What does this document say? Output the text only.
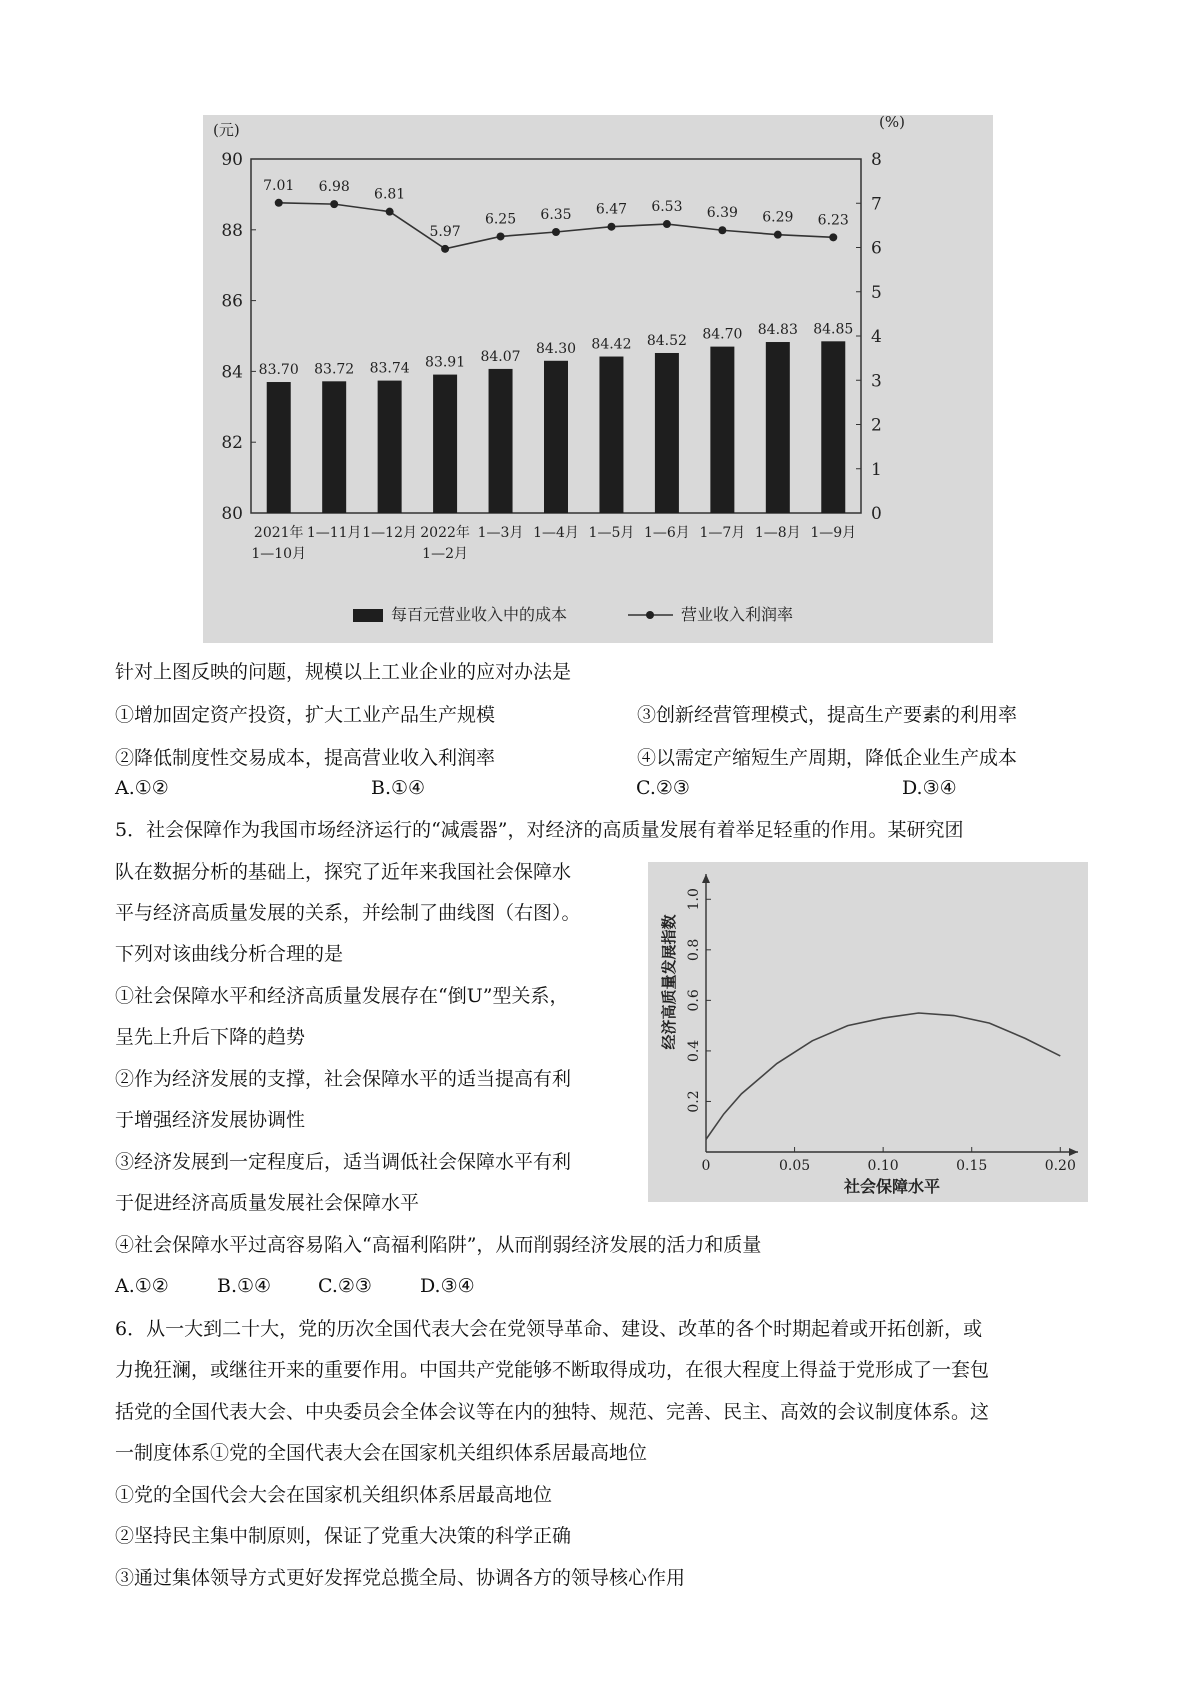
(元)	(%)
90
88
86
84
82
80
8
7
6
5
4
3
2
1
0
83.70 83.72 83.74 83.91 84.07
84.30 84.42 84.52 84.70 84.83 84.85
7.01 6.98 6.81
5.97
6.25 6.35 6.47 6.53 6.39 6.29 6.23
2021年
1—10月
1—11月 1—12月 2022年
1—2月
1—3月 1—4月 1—5月 1—6月 1—7月 1—8月 1—9月
每百元营业收入中的成本	营业收入利润率
0	0.05	0.10	0.15	0.20
0.2
0.4
0.6
0.8
1.0
社会保障水平
经济高质量发展指数
针对上图反映的问题，规模以上工业企业的应对办法是
①增加固定资产投资，扩大工业产品生产规模	③创新经营管理模式，提高生产要素的利用率
②降低制度性交易成本，提高营业收入利润率	④以需定产缩短生产周期，降低企业生产成本
A.①②	B.①④	C.②③	D.③④
5．社会保障作为我国市场经济运行的“减震器”，对经济的高质量发展有着举足轻重的作用。某研究团
队在数据分析的基础上，探究了近年来我国社会保障水
平与经济高质量发展的关系，并绘制了曲线图（右图）。
下列对该曲线分析合理的是
①社会保障水平和经济高质量发展存在“倒U”型关系，
呈先上升后下降的趋势
②作为经济发展的支撑，社会保障水平的适当提高有利
于增强经济发展协调性
③经济发展到一定程度后，适当调低社会保障水平有利
于促进经济高质量发展社会保障水平
④社会保障水平过高容易陷入“高福利陷阱”，从而削弱经济发展的活力和质量
A.①②	B.①④ C.②③	D.③④
6．从一大到二十大，党的历次全国代表大会在党领导革命、建设、改革的各个时期起着或开拓创新，或
力挽狂澜，或继往开来的重要作用。中国共产党能够不断取得成功，在很大程度上得益于党形成了一套包
括党的全国代表大会、中央委员会全体会议等在内的独特、规范、完善、民主、高效的会议制度体系。这
一制度体系①党的全国代表大会在国家机关组织体系居最高地位
①党的全国代会大会在国家机关组织体系居最高地位
②坚持民主集中制原则，保证了党重大决策的科学正确
③通过集体领导方式更好发挥党总揽全局、协调各方的领导核心作用
